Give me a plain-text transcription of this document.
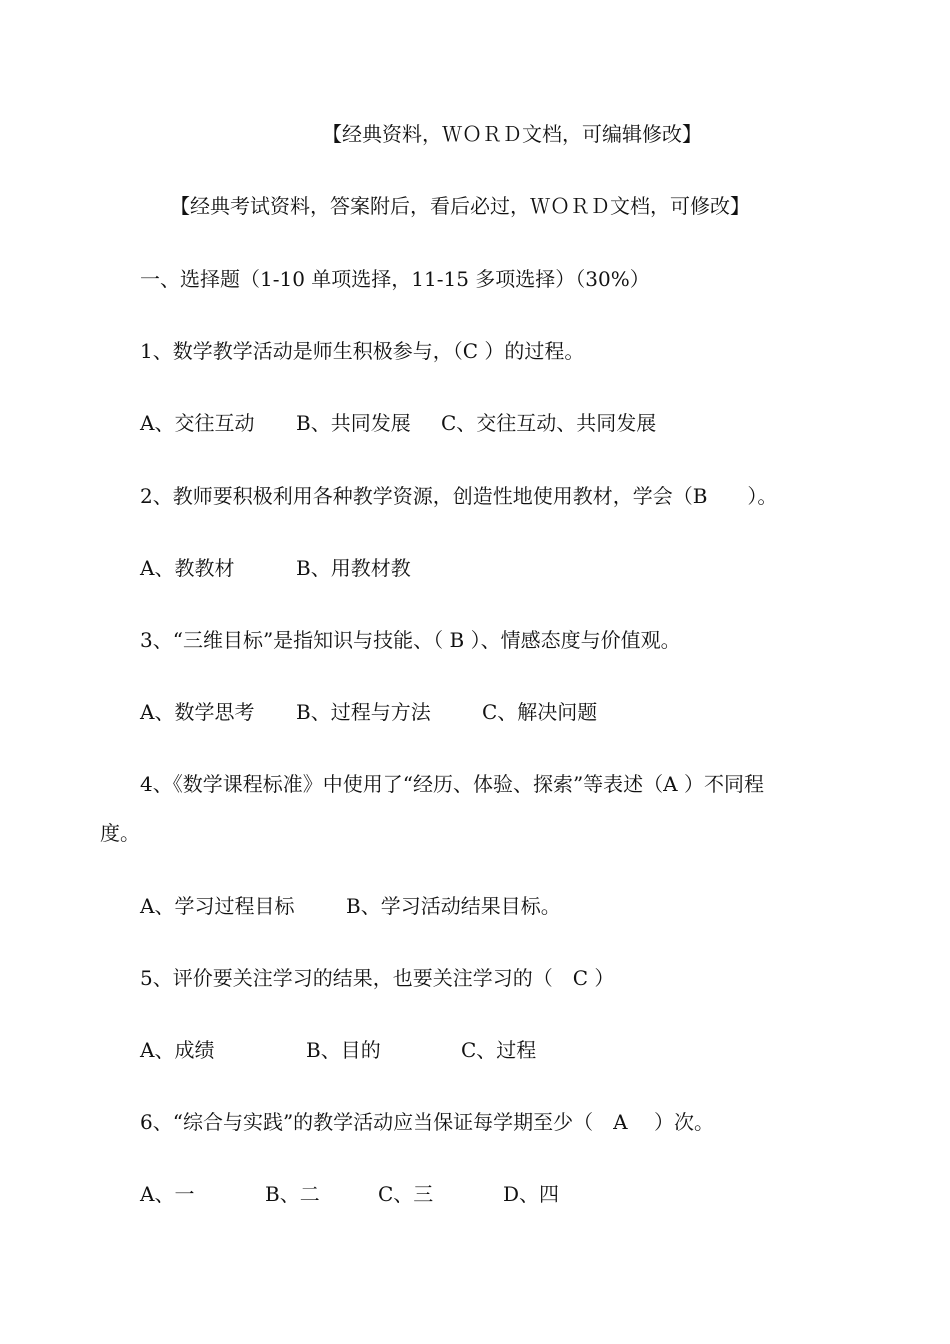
【经典资料，ＷＯＲＤ文档，可编辑修改】
【经典考试资料，答案附后，看后必过，ＷＯＲＤ文档，可修改】
一、选择题（1-10 单项选择，11-15 多项选择）（30%）
1、数学教学活动是师生积极参与，（C ）的过程。
A、交往互动 B、共同发展 C、交往互动、共同发展
2、教师要积极利用各种教学资源，创造性地使用教材，学会（B　　）。
A、教教材	B、用教材教
3、“三维目标”是指知识与技能、（ B ）、情感态度与价值观。
A、数学思考 B、过程与方法	C、解决问题
4、《数学课程标准》中使用了“经历、体验、探索”等表述（A ）不同程
度。
A、学习过程目标	B、学习活动结果目标。
5、评价要关注学习的结果，也要关注学习的（　C ）
A、成绩	B、目的	C、过程
6、“综合与实践”的教学活动应当保证每学期至少（　A　 ）次。
A、一	B、二	C、三	D、四
